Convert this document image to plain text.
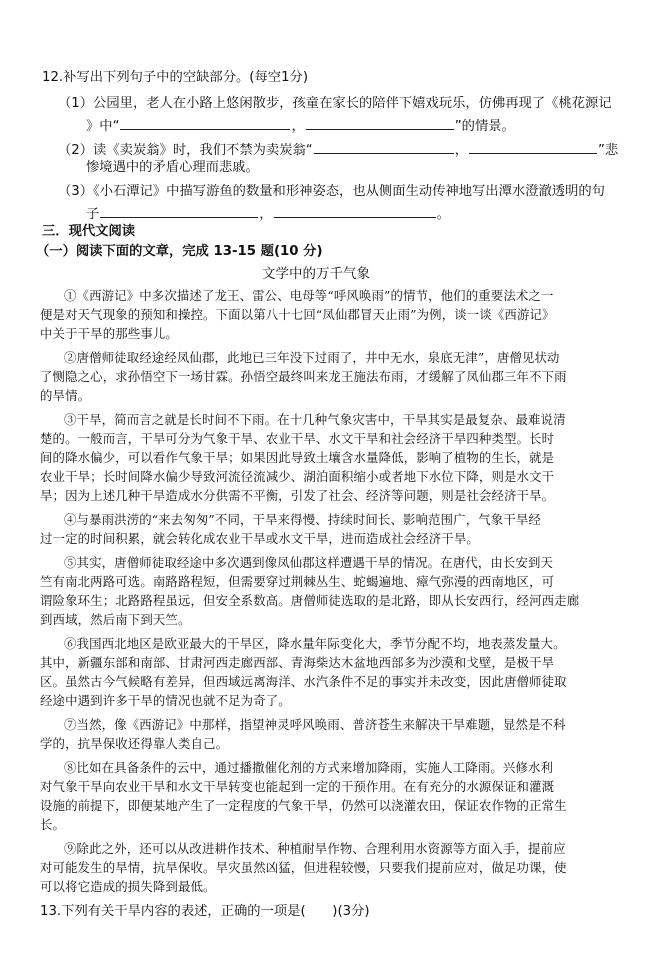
12.补写出下列句子中的空缺部分。(每空1分)
（1）公园里，老人在小路上悠闲散步，孩童在家长的陪伴下嬉戏玩乐，仿佛再现了《桃花源记
》中“	，	”的情景。
（2）读《卖炭翁》时，我们不禁为卖炭翁“	，	”悲
惨境遇中的矛盾心理而悲戚。
（3）《小石潭记》中描写游鱼的数量和形神姿态，也从侧面生动传神地写出潭水澄澈透明的句
子	，	。
三．现代文阅读
（一）阅读下面的文章，完成 13-15 题(10 分)
文学中的万千气象
①《西游记》中多次描述了龙王、雷公、电母等“呼风唤雨”的情节，他们的重要法术之一
便是对天气现象的预知和操控。下面以第八十七回“凤仙郡冒天止雨”为例，谈一谈《西游记》
中关于干旱的那些事儿。
②唐僧师徒取经途经凤仙郡，此地已三年没下过雨了，井中无水，泉底无津”，唐僧见状动
了恻隐之心，求孙悟空下一场甘霖。孙悟空最终叫来龙王施法布雨，才缓解了凤仙郡三年不下雨
的旱情。
③干旱，简而言之就是长时间不下雨。在十几种气象灾害中，干旱其实是最复杂、最难说清
楚的。一般而言，干旱可分为气象干旱、农业干旱、水文干旱和社会经济干旱四种类型。长时
间的降水偏少，可以看作气象干旱；如果因此导致土壤含水量降低，影响了植物的生长，就是
农业干旱；长时间降水偏少导致河流径流减少、湖泊面积缩小或者地下水位下降，则是水文干
旱；因为上述几种干旱造成水分供需不平衡，引发了社会、经济等问题，则是社会经济干旱。
④与暴雨洪涝的“来去匆匆”不同，干旱来得慢、持续时间长、影响范围广，气象干旱经
过一定的时间积累，就会转化成农业干旱或水文干旱，进而造成社会经济干旱。
⑤其实，唐僧师徒取经途中多次遇到像凤仙郡这样遭遇干旱的情况。在唐代，由长安到天
竺有南北两路可选。南路路程短，但需要穿过荆棘丛生、蛇蝎遍地、瘴气弥漫的西南地区，可
谓险象环生；北路路程虽远，但安全系数高。唐僧师徒选取的是北路，即从长安西行，经河西走廊
到西域，然后南下到天竺。
⑥我国西北地区是欧亚最大的干旱区，降水量年际变化大，季节分配不均，地表蒸发量大。
其中，新疆东部和南部、甘肃河西走廊西部、青海柴达木盆地西部多为沙漠和戈壁，是极干旱
区。虽然古今气候略有差异，但西域远离海洋、水汽条件不足的事实并未改变，因此唐僧师徒取
经途中遇到许多干旱的情况也就不足为奇了。
⑦当然，像《西游记》中那样，指望神灵呼风唤雨、普济苍生来解决干旱难题，显然是不科
学的，抗旱保收还得靠人类自己。
⑧比如在具备条件的云中，通过播撒催化剂的方式来增加降雨，实施人工降雨。兴修水利
对气象干旱向农业干旱和水文干旱转变也能起到一定的干预作用。在有充分的水源保证和灌溉
设施的前提下，即便某地产生了一定程度的气象干旱，仍然可以浇灌农田，保证农作物的正常生
长。
⑨除此之外，还可以从改进耕作技术、种植耐旱作物、合理利用水资源等方面入手，提前应
对可能发生的旱情，抗旱保收。旱灾虽然凶猛，但进程较慢，只要我们提前应对，做足功课，使
可以将它造成的损失降到最低。
13.下列有关干旱内容的表述，正确的一项是(　　)(3分)
